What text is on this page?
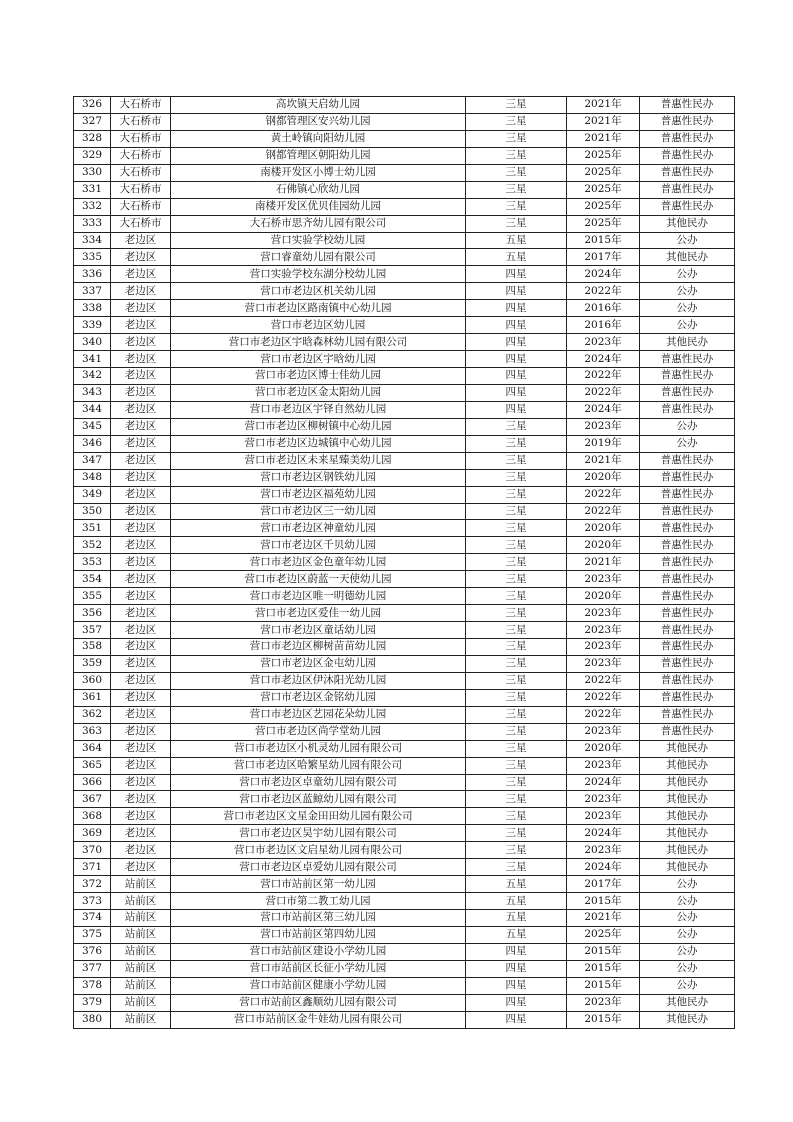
326	大石桥市	高坎镇天启幼儿园	三星	2021年	普惠性民办
327	大石桥市	钢都管理区安兴幼儿园	三星	2021年	普惠性民办
328	大石桥市	黄土岭镇向阳幼儿园	三星	2021年	普惠性民办
329	大石桥市	钢都管理区朝阳幼儿园	三星	2025年	普惠性民办
330	大石桥市	南楼开发区小博士幼儿园	三星	2025年	普惠性民办
331	大石桥市	石佛镇心欣幼儿园	三星	2025年	普惠性民办
332	大石桥市	南楼开发区优贝佳园幼儿园	三星	2025年	普惠性民办
333	大石桥市	大石桥市思齐幼儿园有限公司	三星	2025年	其他民办
334	老边区	营口实验学校幼儿园	五星	2015年	公办
335	老边区	营口睿童幼儿园有限公司	五星	2017年	其他民办
336	老边区	营口实验学校东湖分校幼儿园	四星	2024年	公办
337	老边区	营口市老边区机关幼儿园	四星	2022年	公办
338	老边区	营口市老边区路南镇中心幼儿园	四星	2016年	公办
339	老边区	营口市老边区幼儿园	四星	2016年	公办
340	老边区	营口市老边区宇晗森林幼儿园有限公司	四星	2023年	其他民办
341	老边区	营口市老边区宇晗幼儿园	四星	2024年	普惠性民办
342	老边区	营口市老边区博士佳幼儿园	四星	2022年	普惠性民办
343	老边区	营口市老边区金太阳幼儿园	四星	2022年	普惠性民办
344	老边区	营口市老边区宇铎自然幼儿园	四星	2024年	普惠性民办
345	老边区	营口市老边区柳树镇中心幼儿园	三星	2023年	公办
346	老边区	营口市老边区边城镇中心幼儿园	三星	2019年	公办
347	老边区	营口市老边区未来星臻美幼儿园	三星	2021年	普惠性民办
348	老边区	营口市老边区钢铁幼儿园	三星	2020年	普惠性民办
349	老边区	营口市老边区福苑幼儿园	三星	2022年	普惠性民办
350	老边区	营口市老边区三一幼儿园	三星	2022年	普惠性民办
351	老边区	营口市老边区神童幼儿园	三星	2020年	普惠性民办
352	老边区	营口市老边区千贝幼儿园	三星	2020年	普惠性民办
353	老边区	营口市老边区金色童年幼儿园	三星	2021年	普惠性民办
354	老边区	营口市老边区蔚蓝一天使幼儿园	三星	2023年	普惠性民办
355	老边区	营口市老边区唯一明德幼儿园	三星	2020年	普惠性民办
356	老边区	营口市老边区爱佳一幼儿园	三星	2023年	普惠性民办
357	老边区	营口市老边区童话幼儿园	三星	2023年	普惠性民办
358	老边区	营口市老边区柳树苗苗幼儿园	三星	2023年	普惠性民办
359	老边区	营口市老边区金屯幼儿园	三星	2023年	普惠性民办
360	老边区	营口市老边区伊沐阳光幼儿园	三星	2022年	普惠性民办
361	老边区	营口市老边区金铭幼儿园	三星	2022年	普惠性民办
362	老边区	营口市老边区艺园花朵幼儿园	三星	2022年	普惠性民办
363	老边区	营口市老边区尚学堂幼儿园	三星	2023年	普惠性民办
364	老边区	营口市老边区小机灵幼儿园有限公司	三星	2020年	其他民办
365	老边区	营口市老边区哈繁星幼儿园有限公司	三星	2023年	其他民办
366	老边区	营口市老边区卓童幼儿园有限公司	三星	2024年	其他民办
367	老边区	营口市老边区蓝鲸幼儿园有限公司	三星	2023年	其他民办
368	老边区	营口市老边区文星金田田幼儿园有限公司	三星	2023年	其他民办
369	老边区	营口市老边区昊宇幼儿园有限公司	三星	2024年	其他民办
370	老边区	营口市老边区文启星幼儿园有限公司	三星	2023年	其他民办
371	老边区	营口市老边区卓爱幼儿园有限公司	三星	2024年	其他民办
372	站前区	营口市站前区第一幼儿园	五星	2017年	公办
373	站前区	营口市第二教工幼儿园	五星	2015年	公办
374	站前区	营口市站前区第三幼儿园	五星	2021年	公办
375	站前区	营口市站前区第四幼儿园	五星	2025年	公办
376	站前区	营口市站前区建设小学幼儿园	四星	2015年	公办
377	站前区	营口市站前区长征小学幼儿园	四星	2015年	公办
378	站前区	营口市站前区健康小学幼儿园	四星	2015年	公办
379	站前区	营口市站前区鑫顺幼儿园有限公司	四星	2023年	其他民办
380	站前区	营口市站前区金牛娃幼儿园有限公司	四星	2015年	其他民办
